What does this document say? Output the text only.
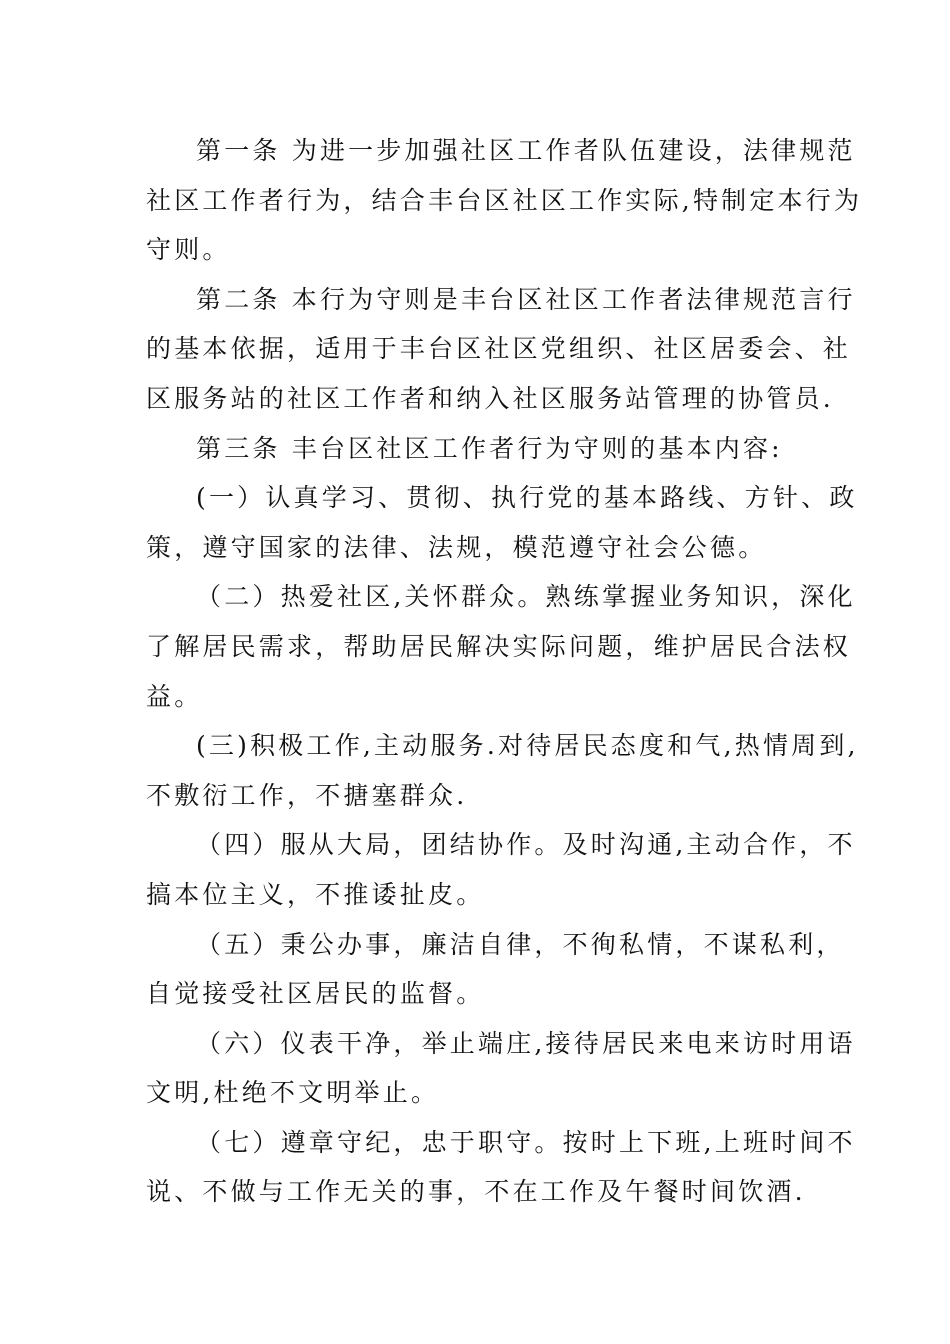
第一条 为进一步加强社区工作者队伍建设，法律规范
社区工作者行为，结合丰台区社区工作实际,特制定本行为
守则。
第二条 本行为守则是丰台区社区工作者法律规范言行
的基本依据，适用于丰台区社区党组织、社区居委会、社
区服务站的社区工作者和纳入社区服务站管理的协管员.
第三条 丰台区社区工作者行为守则的基本内容:
(一）认真学习、贯彻、执行党的基本路线、方针、政
策，遵守国家的法律、法规，模范遵守社会公德。
（二）热爱社区,关怀群众。熟练掌握业务知识，深化
了解居民需求，帮助居民解决实际问题，维护居民合法权
益。
(三)积极工作,主动服务.对待居民态度和气,热情周到,
不敷衍工作，不搪塞群众.
（四）服从大局，团结协作。及时沟通,主动合作，不
搞本位主义，不推诿扯皮。
（五）秉公办事，廉洁自律，不徇私情，不谋私利，
自觉接受社区居民的监督。
（六）仪表干净，举止端庄,接待居民来电来访时用语
文明,杜绝不文明举止。
（七）遵章守纪，忠于职守。按时上下班,上班时间不
说、不做与工作无关的事，不在工作及午餐时间饮酒.
